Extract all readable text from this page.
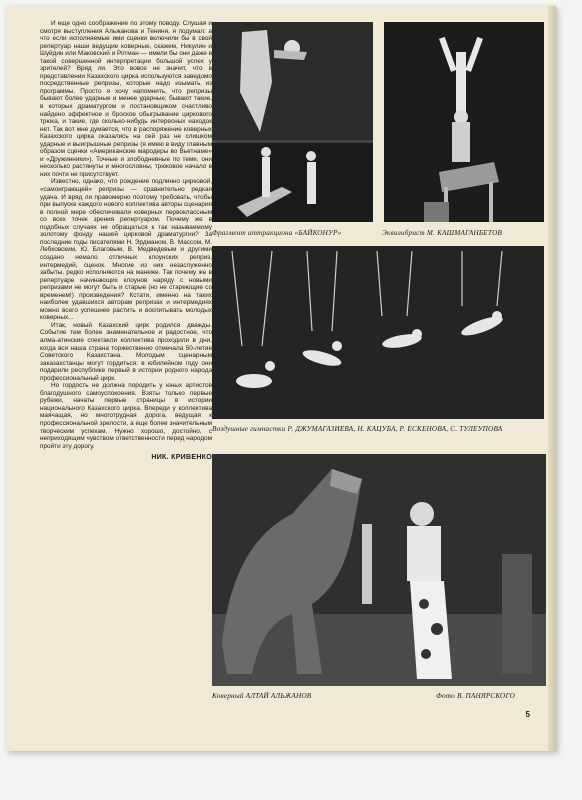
И еще одно соображение по этому поводу. Слушая и смотря выступления Альжанова и Тениня, я подумал: а что если исполняемые ими сценки включили бы в свой репертуар наши ведущие коверные, скажем, Никулин и Шуйдин или Маковский и Ротман — имели бы они даже в такой совершенной интерпретации большой успех у зрителей? Вряд ли. Это вовсе не значит, что в представлении Казахского цирка используются заведомо посредственные репризы, которые надо изымать из программы. Просто я хочу напомнить, что репризы бывают более ударные и менее ударные; бывают такие, в которых драматургом и постановщиком счастливо найдено эффектное и броское обыгрывание циркового трюка, и такие, где сколько-нибудь интересных находок нет. Так вот мне думается, что в распоряжение коверных Казахского цирка оказались на сей раз не слишком ударные и выигрышные репризы (я имею в виду главным образом сценки «Американские мародеры во Вьетнаме» и «Дружинники»). Точные и злободневные по теме, они несколько растянуты и многословны, трюковое начало в них почти не присутствует.

Известно, однако, что рождение подлинно цирковой, «самоиграющей» репризы — сравнительно редкая удача. И вряд ли правомерно поэтому требовать, чтобы при выпуске каждого нового коллектива авторы сценария в полной мере обеспечивали коверных первоклассным со всех точек зрения репертуаром. Почему же в подобных случаях не обращаться к так называемому золотому фонду нашей цирковой драматургии? За последние годы писателями Н. Эрдманом, В. Массом, М. Лебковским, Ю. Благовым, В. Медведевым и другими создано немало отличных клоунских реприз, интермедий, сценок. Многие из них незаслуженно забыты, редко исполняются на манеже. Так почему же в репертуаре начинающих клоунов наряду с новыми репризами не могут быть и старые (но не стареющие со временем!) произведения? Кстати, именно на таких наиболее удавшихся авторам репризах и интермедиях можно всего успешнее растить и воспитывать молодых коверных...

Итак, новый Казахский цирк родился дважды. Событие тем более знаменательное и радостное, что алма-атинские спектакли коллектива проходили в дни, когда вся наша страна торжественно отмечала 50-летие Советского Казахстана. Молодым сценарным заказахстанцы могут гордиться: в юбилейном году они подарили республике первый в истории родного народа профессиональный цирк.

Но гордость не должна породить у юных артистов благодушного самоуспокоения. Взяты только первые рубежи, начаты первые страницы в истории национального Казахского цирка. Впереди у коллектива маячащая, но многотрудная дорога, ведущая к профессиональной зрелости, а еще более значительным творческим успехам. Нужно хорошо, достойно, с неприходящим чувством ответственности перед народом пройти эту дорогу.

НИК. КРИВЕНКО

Фрагмент аттракциона «БАЙКОНУР»	Эквилибрист М. КАШМАГАНБЕТОВ
Воздушные гимнастки Р. ДЖУМАГАЗИЕВА, Н. КАЦУБА, Р. ЕСКЕНОВА, С. ТУЛЕУПОВА
Коверный АЛТАЙ АЛЬЖАНОВ	Фото В. ПАНЯРСКОГО
5
